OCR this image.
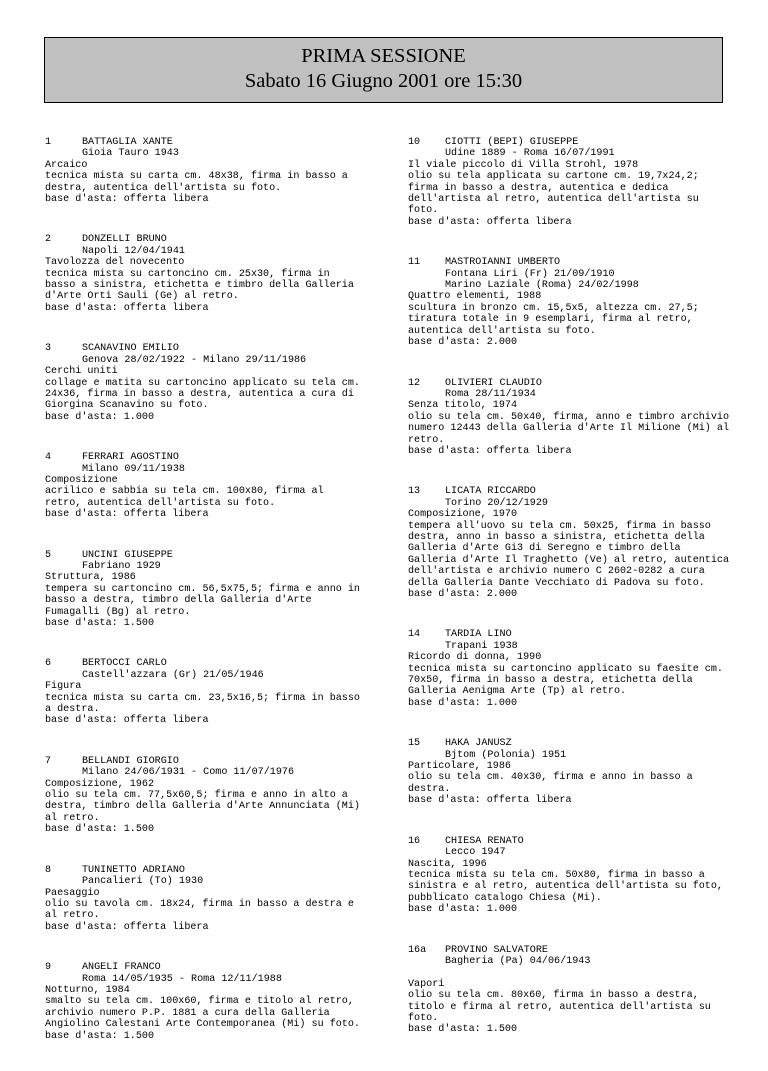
PRIMA SESSIONE
Sabato 16 Giugno 2001 ore 15:30
1	BATTAGLIA XANTE
Gioia Tauro 1943
Arcaico
tecnica mista su carta cm. 48x38, firma in basso a destra, autentica dell'artista su foto.
base d'asta: offerta libera
2	DONZELLI BRUNO
Napoli 12/04/1941
Tavolozza del novecento
tecnica mista su cartoncino cm. 25x30, firma in basso a sinistra, etichetta e timbro della Galleria d'Arte Orti Sauli (Ge) al retro.
base d'asta: offerta libera
3	SCANAVINO EMILIO
Genova 28/02/1922 - Milano 29/11/1986
Cerchi uniti
collage e matita su cartoncino applicato su tela cm. 24x36, firma in basso a destra, autentica a cura di Giorgina Scanavino su foto.
base d'asta: 1.000
4	FERRARI AGOSTINO
Milano 09/11/1938
Composizione
acrilico e sabbia su tela cm. 100x80, firma al retro, autentica dell'artista su foto.
base d'asta: offerta libera
5	UNCINI GIUSEPPE
Fabriano 1929
Struttura, 1986
tempera su cartoncino cm. 56,5x75,5; firma e anno in basso a destra, timbro della Galleria d'Arte Fumagalli (Bg) al retro.
base d'asta: 1.500
6	BERTOCCI CARLO
Castell'azzara (Gr) 21/05/1946
Figura
tecnica mista su carta cm. 23,5x16,5; firma in basso a destra.
base d'asta: offerta libera
7	BELLANDI GIORGIO
Milano 24/06/1931 - Como 11/07/1976
Composizione, 1962
olio su tela cm. 77,5x60,5; firma e anno in alto a destra, timbro della Galleria d'Arte Annunciata (Mi) al retro.
base d'asta: 1.500
8	TUNINETTO ADRIANO
Pancalieri (To) 1930
Paesaggio
olio su tavola cm. 18x24, firma in basso a destra e al retro.
base d'asta: offerta libera
9	ANGELI FRANCO
Roma 14/05/1935 - Roma 12/11/1988
Notturno, 1984
smalto su tela cm. 100x60, firma e titolo al retro, archivio numero P.P. 1881 a cura della Galleria Angiolino Calestani Arte Contemporanea (Mi) su foto.
base d'asta: 1.500
10 CIOTTI (BEPI) GIUSEPPE
Udine 1889 - Roma 16/07/1991
Il viale piccolo di Villa Strohl, 1978
olio su tela applicata su cartone cm. 19,7x24,2; firma in basso a destra, autentica e dedica dell'artista al retro, autentica dell'artista su foto.
base d'asta: offerta libera
11 MASTROIANNI UMBERTO
Fontana Liri (Fr) 21/09/1910
Marino Laziale (Roma) 24/02/1998
Quattro elementi, 1988
scultura in bronzo cm. 15,5x5, altezza cm. 27,5; tiratura totale in 9 esemplari, firma al retro, autentica dell'artista su foto.
base d'asta: 2.000
12 OLIVIERI CLAUDIO
Roma 28/11/1934
Senza titolo, 1974
olio su tela cm. 50x40, firma, anno e timbro archivio numero 12443 della Galleria d'Arte Il Milione (Mi) al retro.
base d'asta: offerta libera
13 LICATA RICCARDO
Torino 20/12/1929
Composizione, 1970
tempera all'uovo su tela cm. 50x25, firma in basso destra, anno in basso a sinistra, etichetta della Galleria d'Arte Gi3 di Seregno e timbro della Galleria d'Arte Il Traghetto (Ve) al retro, autentica dell'artista e archivio numero C 2602-0282 a cura della Galleria Dante Vecchiato di Padova su foto.
base d'asta: 2.000
14 TARDIA LINO
Trapani 1938
Ricordo di donna, 1990
tecnica mista su cartoncino applicato su faesite cm. 70x50, firma in basso a destra, etichetta della Galleria Aenigma Arte (Tp) al retro.
base d'asta: 1.000
15 HAKA JANUSZ
Bjtom (Polonia) 1951
Particolare, 1986
olio su tela cm. 40x30, firma e anno in basso a destra.
base d'asta: offerta libera
16 CHIESA RENATO
Lecco 1947
Nascita, 1996
tecnica mista su tela cm. 50x80, firma in basso a sinistra e al retro, autentica dell'artista su foto, pubblicato catalogo Chiesa (Mi).
base d'asta: 1.000
16a PROVINO SALVATORE
Bagheria (Pa) 04/06/1943

Vapori
olio su tela cm. 80x60, firma in basso a destra, titolo e firma al retro, autentica dell'artista su foto.
base d'asta: 1.500
